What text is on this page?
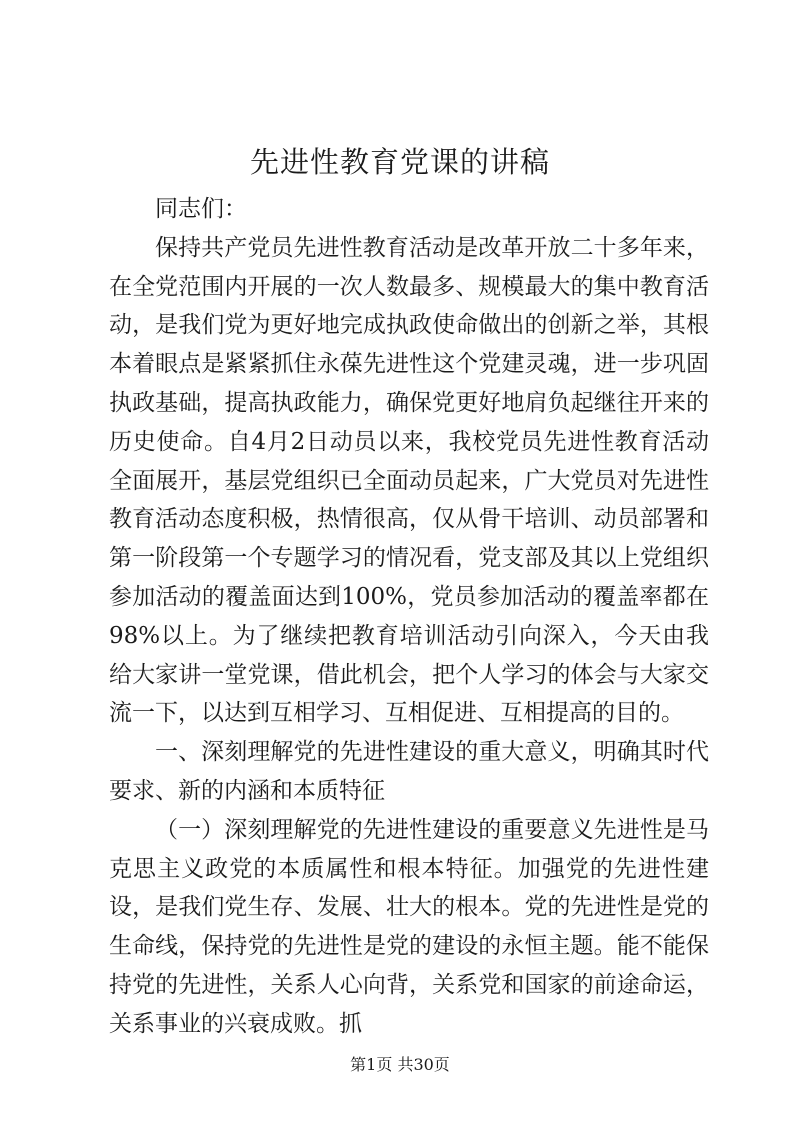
先进性教育党课的讲稿

同志们：

保持共产党员先进性教育活动是改革开放二十多年来，在全党范围内开展的一次人数最多、规模最大的集中教育活动，是我们党为更好地完成执政使命做出的创新之举，其根本着眼点是紧紧抓住永葆先进性这个党建灵魂，进一步巩固执政基础，提高执政能力，确保党更好地肩负起继往开来的历史使命。自4月2日动员以来，我校党员先进性教育活动全面展开，基层党组织已全面动员起来，广大党员对先进性教育活动态度积极，热情很高，仅从骨干培训、动员部署和第一阶段第一个专题学习的情况看，党支部及其以上党组织参加活动的覆盖面达到100%，党员参加活动的覆盖率都在98%以上。为了继续把教育培训活动引向深入，今天由我给大家讲一堂党课，借此机会，把个人学习的体会与大家交流一下，以达到互相学习、互相促进、互相提高的目的。

一、深刻理解党的先进性建设的重大意义，明确其时代要求、新的内涵和本质特征

（一）深刻理解党的先进性建设的重要意义先进性是马克思主义政党的本质属性和根本特征。加强党的先进性建设，是我们党生存、发展、壮大的根本。党的先进性是党的生命线，保持党的先进性是党的建设的永恒主题。能不能保持党的先进性，关系人心向背，关系党和国家的前途命运，关系事业的兴衰成败。抓

第1页 共30页
